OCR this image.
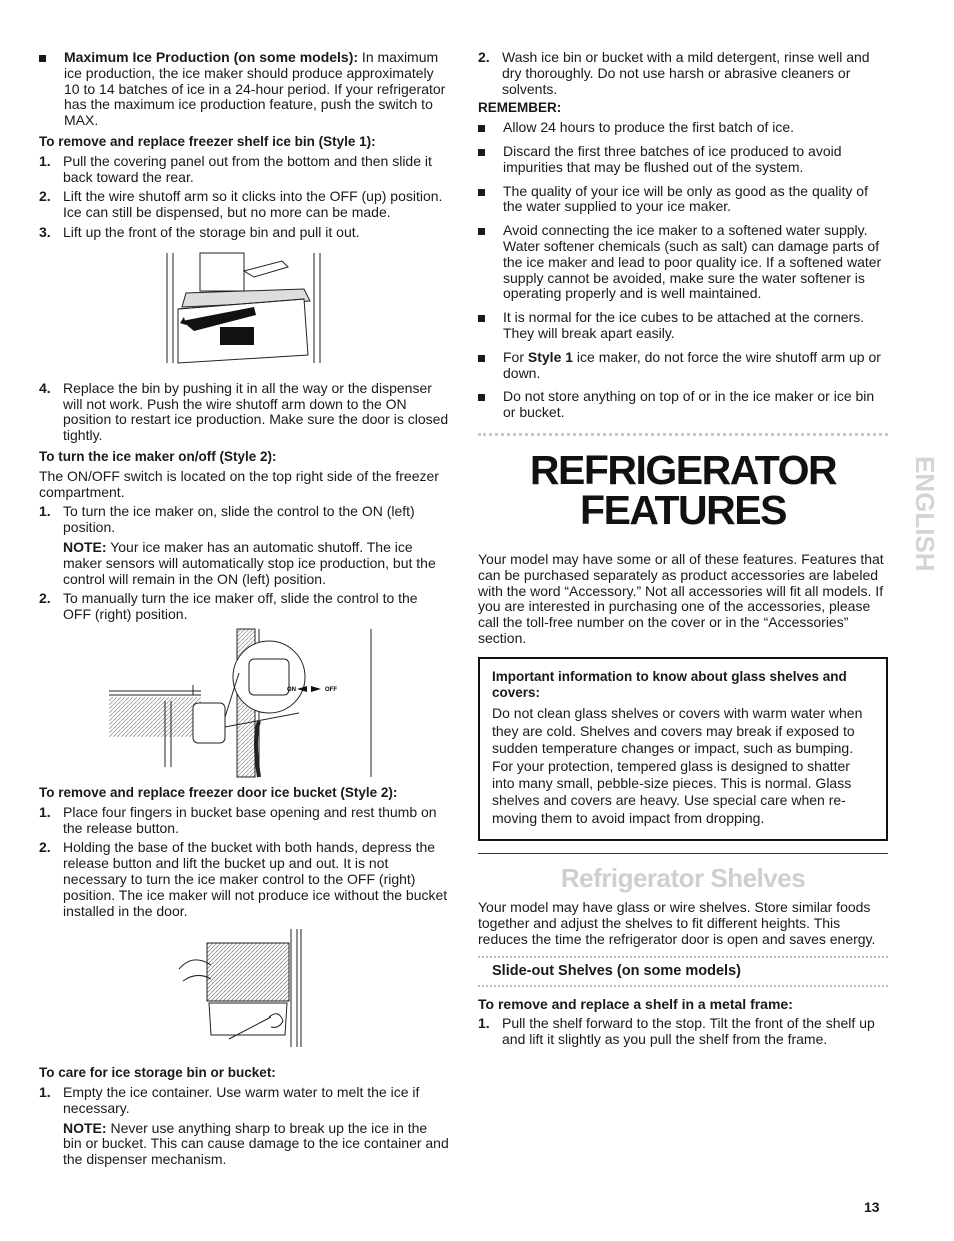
Maximum Ice Production (on some models): In maximum ice production, the ice maker should produce approximately 10 to 14 batches of ice in a 24-hour period. If your refrigerator has the maximum ice production feature, push the switch to MAX.
To remove and replace freezer shelf ice bin (Style 1):
1. Pull the covering panel out from the bottom and then slide it back toward the rear.
2. Lift the wire shutoff arm so it clicks into the OFF (up) position. Ice can still be dispensed, but no more can be made.
3. Lift up the front of the storage bin and pull it out.
4. Replace the bin by pushing it in all the way or the dispenser will not work. Push the wire shutoff arm down to the ON position to restart ice production. Make sure the door is closed tightly.
To turn the ice maker on/off (Style 2):
The ON/OFF switch is located on the top right side of the freezer compartment.
1. To turn the ice maker on, slide the control to the ON (left) position.
NOTE: Your ice maker has an automatic shutoff. The ice maker sensors will automatically stop ice production, but the control will remain in the ON (left) position.
2. To manually turn the ice maker off, slide the control to the OFF (right) position.
ON	OFF
To remove and replace freezer door ice bucket (Style 2):
1. Place four fingers in bucket base opening and rest thumb on the release button.
2. Holding the base of the bucket with both hands, depress the release button and lift the bucket up and out. It is not necessary to turn the ice maker control to the OFF (right) position. The ice maker will not produce ice without the bucket installed in the door.
To care for ice storage bin or bucket:
1. Empty the ice container. Use warm water to melt the ice if necessary.
NOTE: Never use anything sharp to break up the ice in the bin or bucket. This can cause damage to the ice container and the dispenser mechanism.
2. Wash ice bin or bucket with a mild detergent, rinse well and dry thoroughly. Do not use harsh or abrasive cleaners or solvents.
REMEMBER:
Allow 24 hours to produce the first batch of ice.
Discard the first three batches of ice produced to avoid impurities that may be flushed out of the system.
The quality of your ice will be only as good as the quality of the water supplied to your ice maker.
Avoid connecting the ice maker to a softened water supply. Water softener chemicals (such as salt) can damage parts of the ice maker and lead to poor quality ice. If a softened water supply cannot be avoided, make sure the water softener is operating properly and is well maintained.
It is normal for the ice cubes to be attached at the corners. They will break apart easily.
For Style 1 ice maker, do not force the wire shutoff arm up or down.
Do not store anything on top of or in the ice maker or ice bin or bucket.
REFRIGERATOR
FEATURES
Your model may have some or all of these features. Features that can be purchased separately as product accessories are labeled with the word “Accessory.” Not all accessories will fit all models. If you are interested in purchasing one of the accessories, please call the toll-free number on the cover or in the “Accessories” section.
Important information to know about glass shelves and covers:
Do not clean glass shelves or covers with warm water when they are cold. Shelves and covers may break if exposed to sudden temperature changes or impact, such as bumping. For your protection, tempered glass is designed to shatter into many small, pebble-size pieces. This is normal. Glass shelves and covers are heavy. Use special care when re-moving them to avoid impact from dropping.
Refrigerator Shelves
Your model may have glass or wire shelves. Store similar foods together and adjust the shelves to fit different heights. This reduces the time the refrigerator door is open and saves energy.
Slide-out Shelves (on some models)
To remove and replace a shelf in a metal frame:
1. Pull the shelf forward to the stop. Tilt the front of the shelf up and lift it slightly as you pull the shelf from the frame.
ENGLISH
13
